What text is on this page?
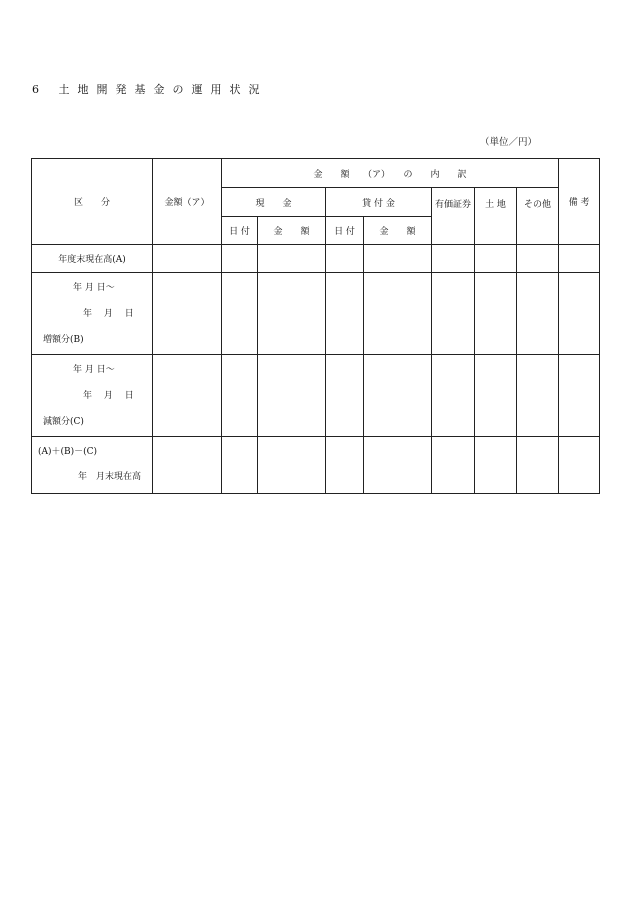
6 土地開発基金の運用状況
（単位／円）
区　　分	金額（ア）	金　　額　　（ア）　　の　　内　　訳							備 考
		現　　金		貸 付 金		有価証券	土 地	その他	
		日 付	金　　額	日 付	金　　額				
年度末現在高(A)									

年 月 日〜
年　 月　 日
増額分(B)									

年 月 日〜
年　 月　 日
減額分(C)									

(A)＋(B)－(C)
年　月末現在高									
